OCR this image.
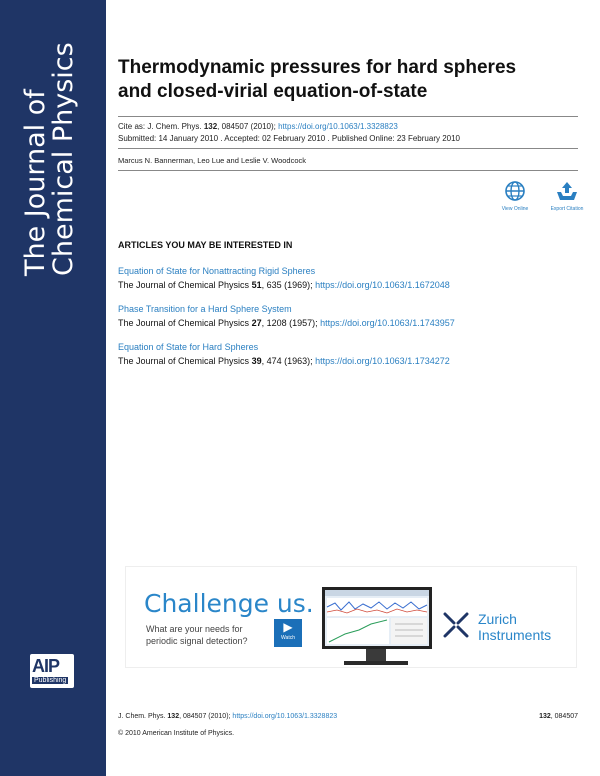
The Journal of
Chemical Physics
AIP
Publishing
Thermodynamic pressures for hard spheres
and closed-virial equation-of-state
Cite as: J. Chem. Phys. 132, 084507 (2010); https://doi.org/10.1063/1.3328823
Submitted: 14 January 2010 . Accepted: 02 February 2010 . Published Online: 23 February 2010
Marcus N. Bannerman, Leo Lue and Leslie V. Woodcock
View Online	Export Citation
ARTICLES YOU MAY BE INTERESTED IN
Equation of State for Nonattracting Rigid Spheres
The Journal of Chemical Physics 51, 635 (1969); https://doi.org/10.1063/1.1672048
Phase Transition for a Hard Sphere System
The Journal of Chemical Physics 27, 1208 (1957); https://doi.org/10.1063/1.1743957
Equation of State for Hard Spheres
The Journal of Chemical Physics 39, 474 (1963); https://doi.org/10.1063/1.1734272
Challenge us.
What are your needs for
periodic signal detection?
▶
Watch
Zurich
Instruments
J. Chem. Phys. 132, 084507 (2010); https://doi.org/10.1063/1.3328823	132, 084507
© 2010 American Institute of Physics.
